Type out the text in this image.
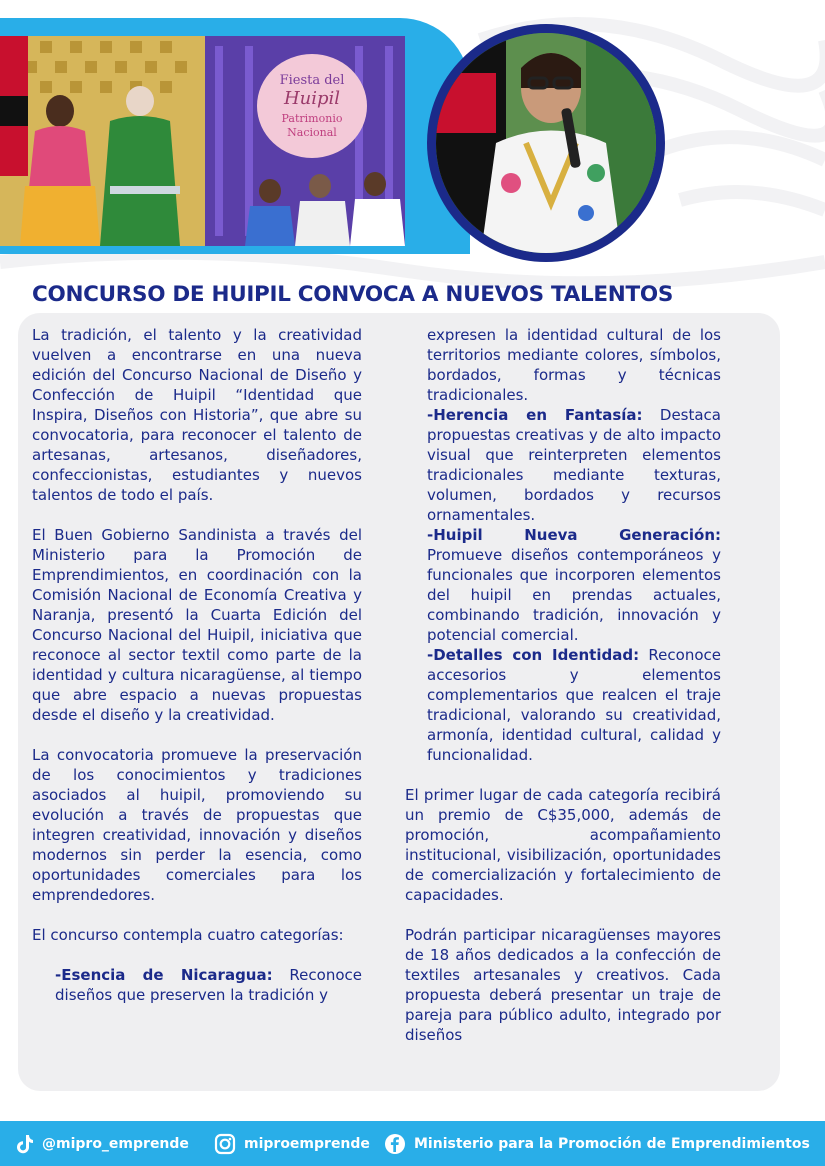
Fiesta del
Huipil
Patrimonio
Nacional
CONCURSO DE HUIPIL CONVOCA A NUEVOS TALENTOS

La tradición, el talento y la creatividad vuelven a encontrarse en una nueva edición del Concurso Nacional de Diseño y Confección de Huipil “Identidad que Inspira, Diseños con Historia”, que abre su convocatoria, para reconocer el talento de artesanas, artesanos, diseñadores, confeccionistas, estudiantes y nuevos talentos de todo el país.

El Buen Gobierno Sandinista a través del Ministerio para la Promoción de Emprendimientos, en coordinación con la Comisión Nacional de Economía Creativa y Naranja, presentó la Cuarta Edición del Concurso Nacional del Huipil, iniciativa que reconoce al sector textil como parte de la identidad y cultura nicaragüense, al tiempo que abre espacio a nuevas propuestas desde el diseño y la creatividad.

La convocatoria promueve la preservación de los conocimientos y tradiciones asociados al huipil, promoviendo su evolución a través de propuestas que integren creatividad, innovación y diseños modernos sin perder la esencia, como oportunidades comerciales para los emprendedores.

El concurso contempla cuatro categorías:

-Esencia de Nicaragua: Reconoce diseños que preserven la tradición y

expresen la identidad cultural de los territorios mediante colores, símbolos, bordados, formas y técnicas tradicionales.

-Herencia en Fantasía: Destaca propuestas creativas y de alto impacto visual que reinterpreten elementos tradicionales mediante texturas, volumen, bordados y recursos ornamentales.

-Huipil Nueva Generación: Promueve diseños contemporáneos y funcionales que incorporen elementos del huipil en prendas actuales, combinando tradición, innovación y potencial comercial.

-Detalles con Identidad: Reconoce accesorios y elementos complementarios que realcen el traje tradicional, valorando su creatividad, armonía, identidad cultural, calidad y funcionalidad.

El primer lugar de cada categoría recibirá un premio de C$35,000, además de promoción, acompañamiento institucional, visibilización, oportunidades de comercialización y fortalecimiento de capacidades.

Podrán participar nicaragüenses mayores de 18 años dedicados a la confección de textiles artesanales y creativos. Cada propuesta deberá presentar un traje de pareja para público adulto, integrado por diseños

@mipro_emprende	miproemprende	Ministerio para la Promoción de Emprendimientos
